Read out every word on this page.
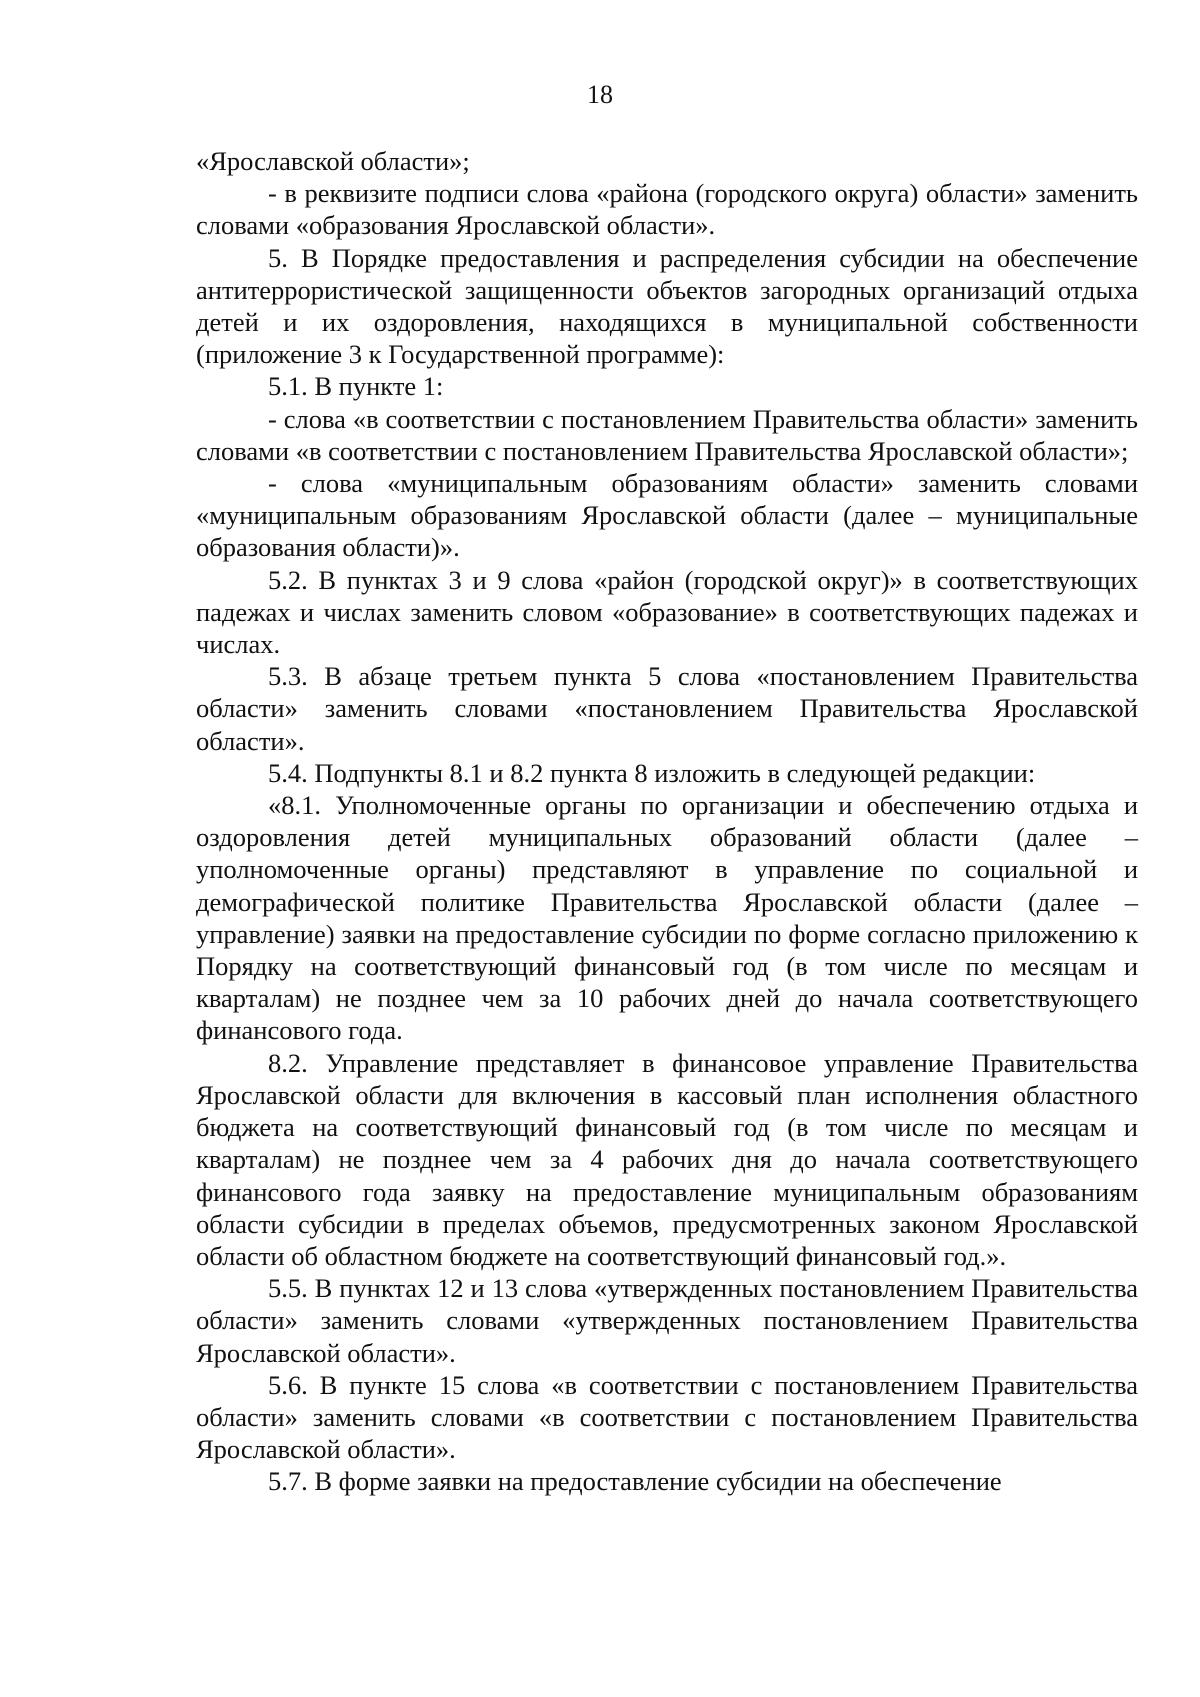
18

«Ярославской области»;

- в реквизите подписи слова «района (городского округа) области» заменить словами «образования Ярославской области».

5. В Порядке предоставления и распределения субсидии на обеспечение антитеррористической защищенности объектов загородных организаций отдыха детей и их оздоровления, находящихся в муниципальной собственности (приложение 3 к Государственной программе):

5.1. В пункте 1:

- слова «в соответствии с постановлением Правительства области» заменить словами «в соответствии с постановлением Правительства Ярославской области»;

- слова «муниципальным образованиям области» заменить словами «муниципальным образованиям Ярославской области (далее – муниципальные образования области)».

5.2. В пунктах 3 и 9 слова «район (городской округ)» в соответствующих падежах и числах заменить словом «образование» в соответствующих падежах и числах.

5.3. В абзаце третьем пункта 5 слова «постановлением Правительства области» заменить словами «постановлением Правительства Ярославской области».

5.4. Подпункты 8.1 и 8.2 пункта 8 изложить в следующей редакции:

«8.1. Уполномоченные органы по организации и обеспечению отдыха и оздоровления детей муниципальных образований области (далее – уполномоченные органы) представляют в управление по социальной и демографической политике Правительства Ярославской области (далее – управление) заявки на предоставление субсидии по форме согласно приложению к Порядку на соответствующий финансовый год (в том числе по месяцам и кварталам) не позднее чем за 10 рабочих дней до начала соответствующего финансового года.

8.2. Управление представляет в финансовое управление Правительства Ярославской области для включения в кассовый план исполнения областного бюджета на соответствующий финансовый год (в том числе по месяцам и кварталам) не позднее чем за 4 рабочих дня до начала соответствующего финансового года заявку на предоставление муниципальным образованиям области субсидии в пределах объемов, предусмотренных законом Ярославской области об областном бюджете на соответствующий финансовый год.».

5.5. В пунктах 12 и 13 слова «утвержденных постановлением Правительства области» заменить словами «утвержденных постановлением Правительства Ярославской области».

5.6. В пункте 15 слова «в соответствии с постановлением Правительства области» заменить словами «в соответствии с постановлением Правительства Ярославской области».

5.7. В форме заявки на предоставление субсидии на обеспечение
